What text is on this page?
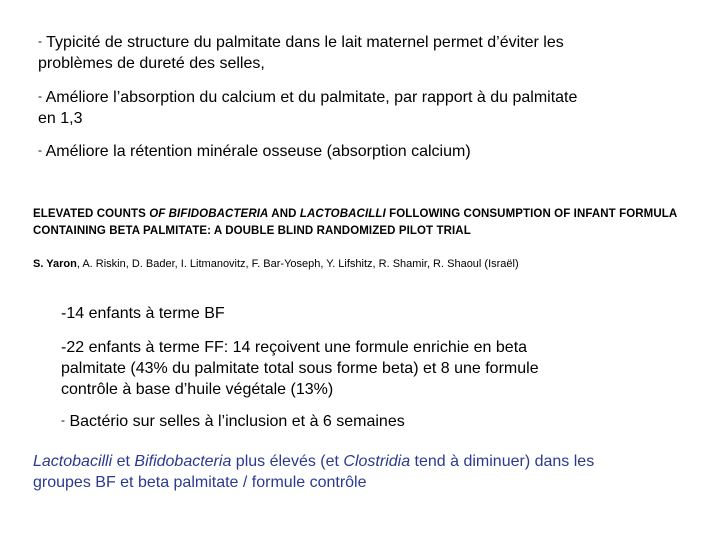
- Typicité de structure du palmitate dans le lait maternel permet d’éviter les problèmes de dureté des selles,

- Améliore l’absorption du calcium et du palmitate, par rapport à du palmitate en 1,3

- Améliore la rétention minérale osseuse (absorption calcium)

ELEVATED COUNTS OF BIFIDOBACTERIA AND LACTOBACILLI FOLLOWING CONSUMPTION OF INFANT FORMULA CONTAINING BETA PALMITATE: A DOUBLE BLIND RANDOMIZED PILOT TRIAL

S. Yaron, A. Riskin, D. Bader, I. Litmanovitz, F. Bar-Yoseph, Y. Lifshitz, R. Shamir, R. Shaoul (Israël)

-14 enfants à terme BF

-22 enfants à terme FF: 14 reçoivent une formule enrichie en beta palmitate (43% du palmitate total sous forme beta) et 8 une formule contrôle à base d’huile végétale (13%)

- Bactério sur selles à l’inclusion et à 6 semaines

Lactobacilli et Bifidobacteria plus élevés (et Clostridia tend à diminuer) dans les groupes BF et beta palmitate / formule contrôle
